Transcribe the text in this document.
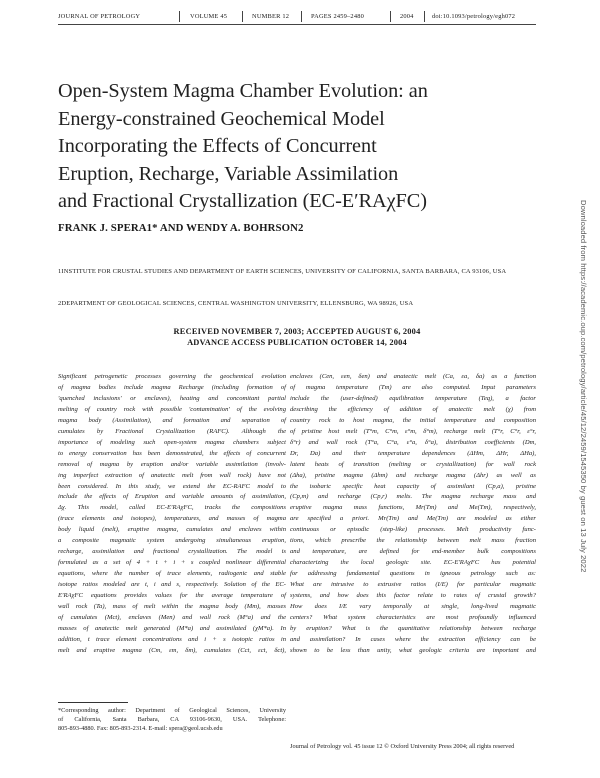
JOURNAL OF PETROLOGY	VOLUME 45	NUMBER 12	PAGES 2459–2480	2004	doi:10.1093/petrology/egh072
Open-System Magma Chamber Evolution: an
Energy-constrained Geochemical Model
Incorporating the Effects of Concurrent
Eruption, Recharge, Variable Assimilation
and Fractional Crystallization (EC-E′RAχFC)
FRANK J. SPERA1* AND WENDY A. BOHRSON2
1INSTITUTE FOR CRUSTAL STUDIES AND DEPARTMENT OF EARTH SCIENCES, UNIVERSITY OF CALIFORNIA, SANTA BARBARA, CA 93106, USA
2DEPARTMENT OF GEOLOGICAL SCIENCES, CENTRAL WASHINGTON UNIVERSITY, ELLENSBURG, WA 98926, USA
RECEIVED NOVEMBER 7, 2003; ACCEPTED AUGUST 6, 2004
ADVANCE ACCESS PUBLICATION OCTOBER 14, 2004
Significant petrogenetic processes governing the geochemical evolution
of magma bodies include magma Recharge (including formation of
'quenched inclusions' or enclaves), heating and concomitant partial
melting of country rock with possible 'contamination' of the evolving
magma body (Assimilation), and formation and separation of
cumulates by Fractional Crystallization (RAFC). Although the
importance of modeling such open-system magma chambers subject
to energy conservation has been demonstrated, the effects of concurrent
removal of magma by eruption and/or variable assimilation (involv-
ing imperfect extraction of anatectic melt from wall rock) have not
been considered. In this study, we extend the EC-RAFC model to
include the effects of Eruption and variable amounts of assimilation,
Δχ. This model, called EC-E′RAχFC, tracks the compositions
(trace elements and isotopes), temperatures, and masses of magma
body liquid (melt), eruptive magma, cumulates and enclaves within
a composite magmatic system undergoing simultaneous eruption,
recharge, assimilation and fractional crystallization. The model is
formulated as a set of 4 + t + i + s coupled nonlinear differential
equations, where the number of trace elements, radiogenic and stable
isotope ratios modeled are t, i and s, respectively. Solution of the EC-
E′RAχFC equations provides values for the average temperature of
wall rock (Ta), mass of melt within the magma body (Mm), masses
of cumulates (Mct), enclaves (Men) and wall rock (M°a) and the
masses of anatectic melt generated (M*a) and assimilated (χM*a). In
addition, t trace element concentrations and i + s isotopic ratios in
melt and eruptive magma (Cm, εm, δm), cumulates (Cct, εct, δct),
enclaves (Cen, εen, δen) and anatectic melt (Ca, εa, δa) as a function
of magma temperature (Tm) are also computed. Input parameters
include the (user-defined) equilibration temperature (Teq), a factor
describing the efficiency of addition of anatectic melt (χ) from
country rock to host magma, the initial temperature and composition
of pristine host melt (T°m, C°m, ε°m, δ°m), recharge melt (T°r, C°r, ε°r,
δ°r) and wall rock (T°a, C°a, ε°a, δ°a), distribution coefficients (Dm,
Dr, Da) and their temperature dependences (ΔHm, ΔHr, ΔHa),
latent heats of transition (melting or crystallization) for wall rock
(Δha), pristine magma (Δhm) and recharge magma (Δhr) as well as
the isobaric specific heat capacity of assimilant (Cp,a), pristine
(Cp,m) and recharge (Cp,r) melts. The magma recharge mass and
eruptive magma mass functions, Mr(Tm) and Me(Tm), respectively,
are specified a priori. Mr(Tm) and Me(Tm) are modeled as either
continuous or episodic (step-like) processes. Melt productivity func-
tions, which prescribe the relationship between melt mass fraction
and temperature, are defined for end-member bulk compositions
characterizing the local geologic site. EC-E′RAχFC has potential
for addressing fundamental questions in igneous petrology such as:
What are intrusive to extrusive ratios (I/E) for particular magmatic
systems, and how does this factor relate to rates of crustal growth?
How does I/E vary temporally at single, long-lived magmatic
centers? What system characteristics are most profoundly influenced
by eruption? What is the quantitative relationship between recharge
and assimilation? In cases where the extraction efficiency can be
shown to be less than unity, what geologic criteria are important and
*Corresponding author: Department of Geological Sciences, University
of California, Santa Barbara, CA 93106-9630, USA. Telephone:
805-893-4880. Fax: 805-893-2314. E-mail: spera@geol.ucsb.edu
Journal of Petrology vol. 45 issue 12 © Oxford University Press 2004; all rights reserved
Downloaded from https://academic.oup.com/petrology/article/45/12/2459/1545350 by guest on 13 July 2022
